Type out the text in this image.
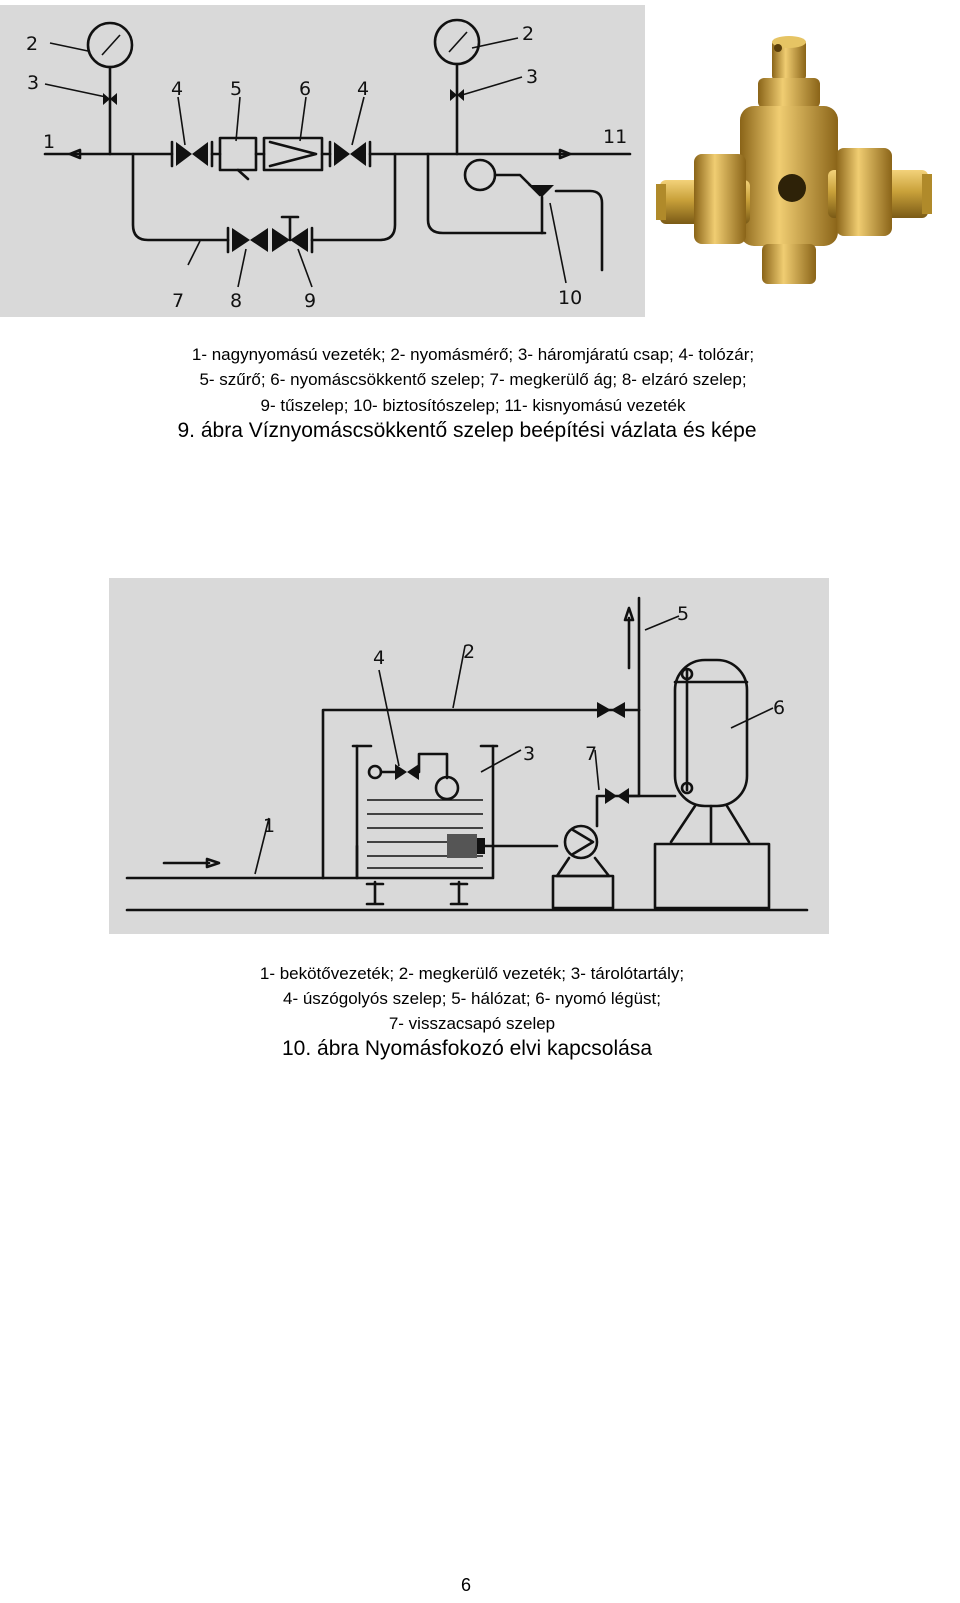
2
3
1
4 5	6 4
7 8	9
2
3
11
10
1- nagynyomású vezeték; 2- nyomásmérő; 3- háromjáratú csap; 4- tolózár;
5- szűrő; 6- nyomáscsökkentő szelep; 7- megkerülő ág; 8- elzáró szelep;
9- tűszelep; 10- biztosítószelep; 11- kisnyomású vezeték
9. ábra Víznyomáscsökkentő szelep beépítési vázlata és képe
1
2
4
3
5
6
7
1- bekötővezeték; 2- megkerülő vezeték; 3- tárolótartály;
4- úszógolyós szelep; 5- hálózat; 6- nyomó légüst;
7- visszacsapó szelep
10. ábra Nyomásfokozó elvi kapcsolása
6
